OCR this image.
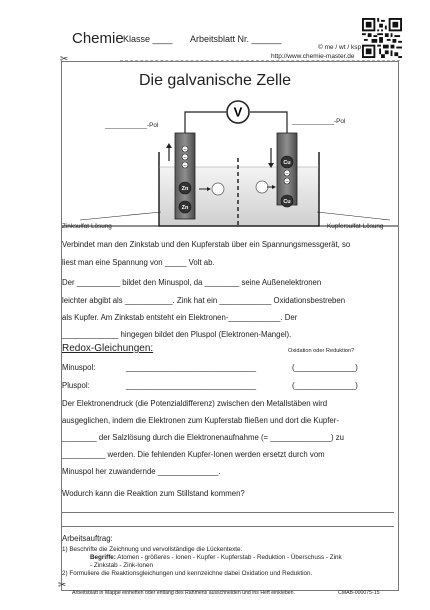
Chemie Klasse ____ Arbeitsblatt Nr. ______
© me / wt / ksp
http://www.chemie-master.de
✂
Die galvanische Zelle
____________-Pol
____________-Pol
V
–
–
–
–
–
Zn
Zn
Cu
Cu
Zinksulfat-Lösung	Kupfersulfat-Lösung
Verbindet man den Zinkstab und den Kupferstab über ein Spannungsmessgerät, so
liest man eine Spannung von _____ Volt ab.
Der __________ bildet den Minuspol, da ________ seine Außenelektronen
leichter abgibt als ___________. Zink hat ein ____________ Oxidationsbestreben
als Kupfer. Am Zinkstab entsteht ein Elektronen-____________. Der
_____________ hingegen bildet den Pluspol (Elektronen-Mangel).
Redox-Gleichungen:	Oxidation oder Reduktion?
Minuspol:	______________________________	(______________)
Pluspol:	______________________________	(______________)
Der Elektronendruck (die Potenzialdifferenz) zwischen den Metallstäben wird
ausgeglichen, indem die Elektronen zum Kupferstab fließen und dort die Kupfer-
________ der Salzlösung durch die Elektronenaufnahme (= ______________) zu
__________ werden. Die fehlenden Kupfer-Ionen werden ersetzt durch vom
Minuspol her zuwandernde ______________.
Wodurch kann die Reaktion zum Stillstand kommen?
Arbeitsauftrag:
1) Beschrifte die Zeichnung und vervollständige die Lückentexte.
Begriffe: Atomen - größeres - Ionen - Kupfer - Kupferstab - Reduktion - Überschuss - Zink
- Zinkstab - Zink-Ionen
2) Formuliere die Reaktionsgleichungen und kennzeichne dabei Oxidation und Reduktion.
✂
Arbeitsblatt in Mappe einheften oder entlang des Rahmens ausschneiden und ins Heft einkleben.	CMAB-000075-15
